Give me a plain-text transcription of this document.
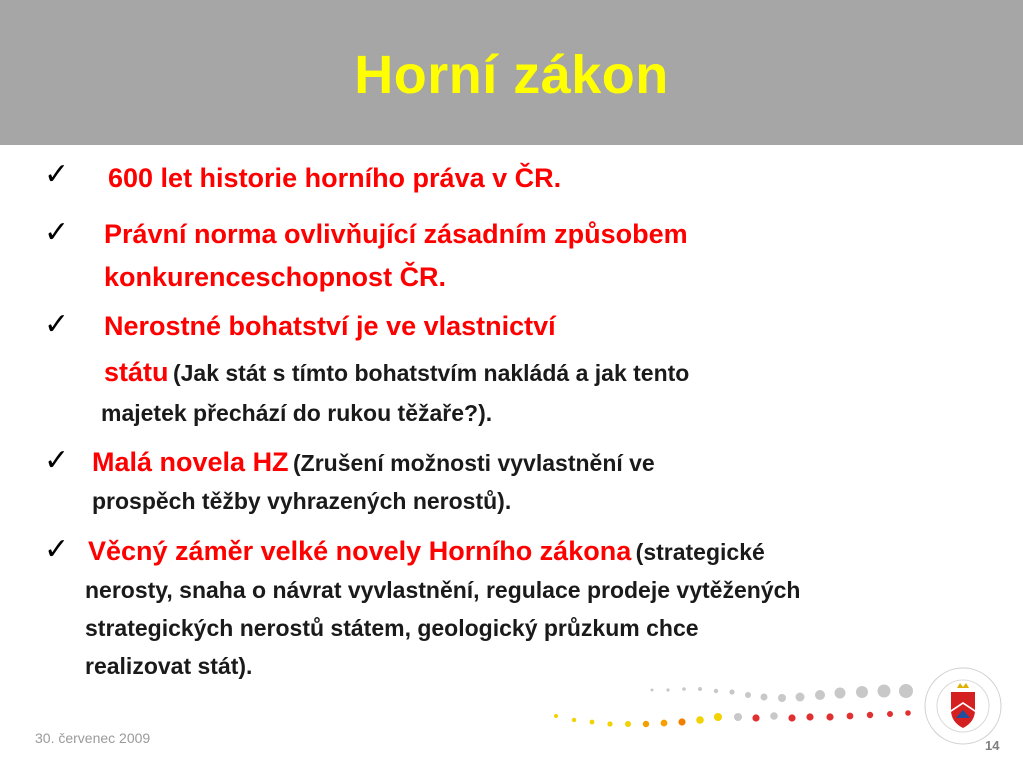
Horní zákon
✓ 600 let historie horního práva v ČR.
✓ Právní norma ovlivňující zásadním způsobem
konkurenceschopnost ČR.
✓ Nerostné bohatství je ve vlastnictví
státu (Jak stát s tímto bohatstvím nakládá a jak tento
majetek přechází do rukou těžaře?).
✓ Malá novela HZ (Zrušení možnosti vyvlastnění ve
prospěch těžby vyhrazených nerostů).
✓ Věcný záměr velké novely Horního zákona (strategické
nerosty, snaha o návrat vyvlastnění, regulace prodeje vytěžených
strategických nerostů státem, geologický průzkum chce
realizovat stát).
30. červenec 2009	14
